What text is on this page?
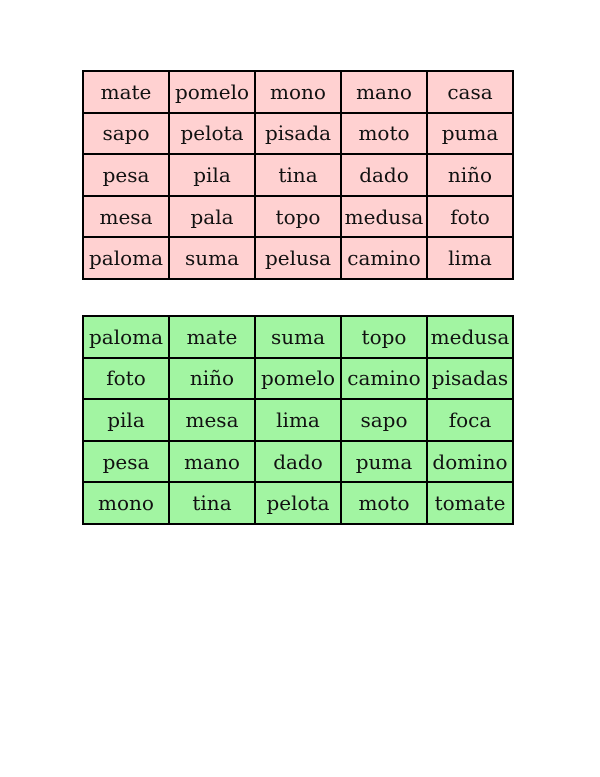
mate	pomelo	mono	mano	casa
sapo	pelota	pisada	moto	puma
pesa	pila	tina	dado	niño
mesa	pala	topo	medusa	foto
paloma	suma	pelusa	camino	lima
paloma	mate	suma	topo	medusa
foto	niño	pomelo	camino	pisadas
pila	mesa	lima	sapo	foca
pesa	mano	dado	puma	domino
mono	tina	pelota	moto	tomate
